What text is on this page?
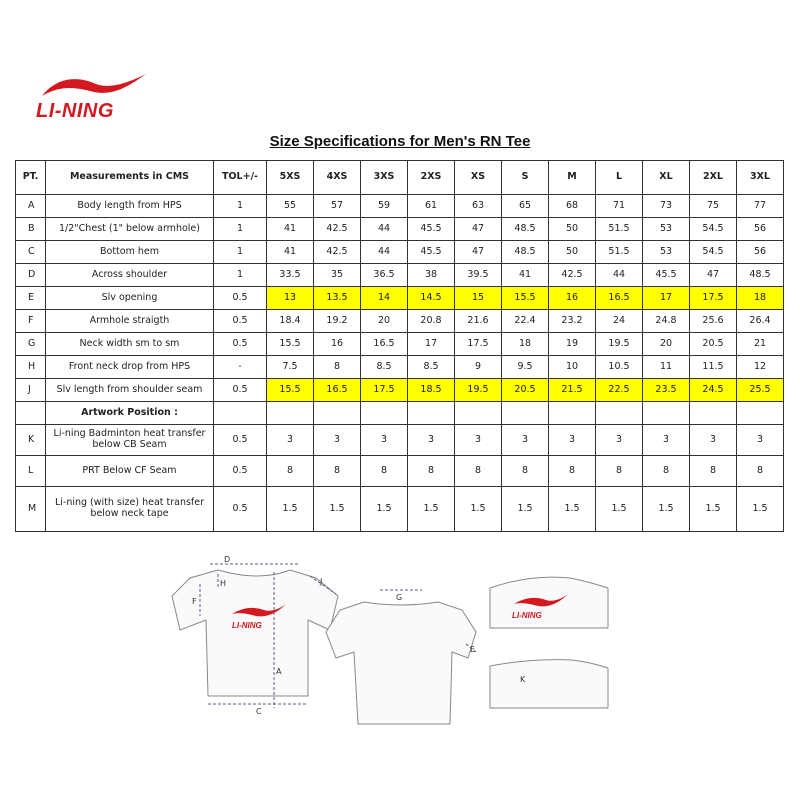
LI-NING
Size Specifications for Men's RN Tee
PT.	Measurements in CMS	TOL+/-	5XS	4XS	3XS	2XS	XS	S	M	L	XL	2XL	3XL
A	Body length from HPS	1	55	57	59	61	63	65	68	71	73	75	77
B	1/2"Chest (1" below armhole)	1	41	42.5	44	45.5	47	48.5	50	51.5	53	54.5	56
C	Bottom hem	1	41	42.5	44	45.5	47	48.5	50	51.5	53	54.5	56
D	Across shoulder	1	33.5	35	36.5	38	39.5	41	42.5	44	45.5	47	48.5
E	Slv opening	0.5	13	13.5	14	14.5	15	15.5	16	16.5	17	17.5	18
F	Armhole straigth	0.5	18.4	19.2	20	20.8	21.6	22.4	23.2	24	24.8	25.6	26.4
G	Neck width sm to sm	0.5	15.5	16	16.5	17	17.5	18	19	19.5	20	20.5	21
H	Front neck drop from HPS	-	7.5	8	8.5	8.5	9	9.5	10	10.5	11	11.5	12
J	Slv length from shoulder seam	0.5	15.5	16.5	17.5	18.5	19.5	20.5	21.5	22.5	23.5	24.5	25.5
	Artwork Position :												
K	Li-ning Badminton heat transfer below CB Seam	0.5	3	3	3	3	3	3	3	3	3	3	3
L	PRT Below CF Seam	0.5	8	8	8	8	8	8	8	8	8	8	8
M	Li-ning (with size) heat transfer below neck tape	0.5	1.5	1.5	1.5	1.5	1.5	1.5	1.5	1.5	1.5	1.5	1.5
LI-NING
D
H	J
F
A
C
G
E
LI-NING
K
